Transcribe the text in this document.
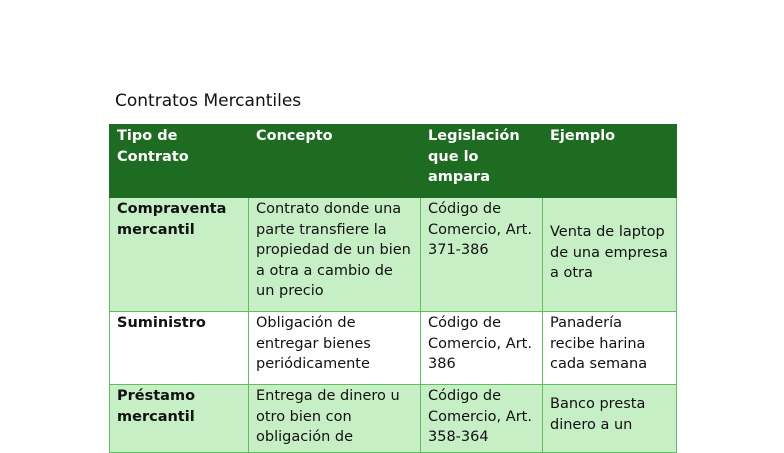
Contratos Mercantiles
Tipo de Contrato	Concepto	Legislación que lo ampara	Ejemplo
Compraventa mercantil	Contrato donde una parte transfiere la propiedad de un bien a otra a cambio de un precio	Código de Comercio, Art. 371-386	Venta de laptop de una empresa a otra
Suministro	Obligación de entregar bienes periódicamente	Código de Comercio, Art. 386	Panadería recibe harina cada semana
Préstamo mercantil	Entrega de dinero u otro bien con obligación de	Código de Comercio, Art. 358-364	Banco presta dinero a un
